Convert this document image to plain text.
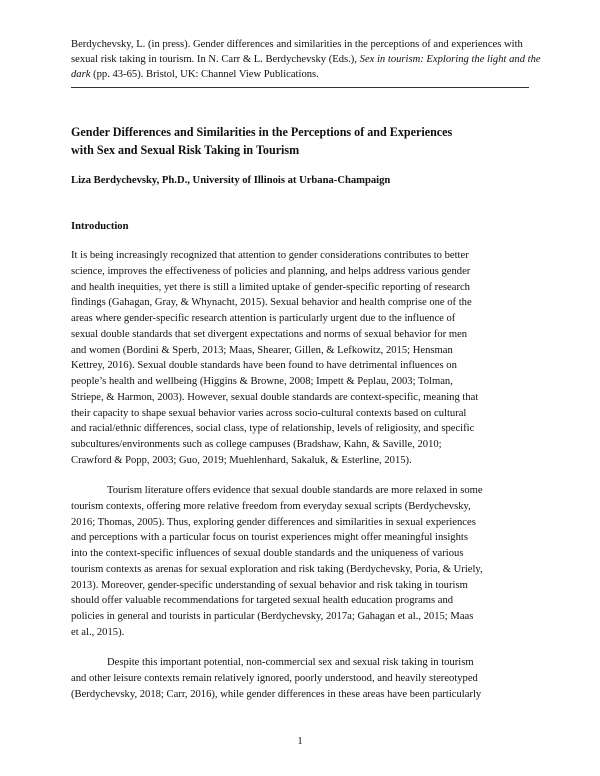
Berdychevsky, L. (in press). Gender differences and similarities in the perceptions of and experiences with sexual risk taking in tourism. In N. Carr & L. Berdychevsky (Eds.), Sex in tourism: Exploring the light and the dark (pp. 43-65). Bristol, UK: Channel View Publications.
Gender Differences and Similarities in the Perceptions of and Experiences
with Sex and Sexual Risk Taking in Tourism

Liza Berdychevsky, Ph.D., University of Illinois at Urbana-Champaign

Introduction

It is being increasingly recognized that attention to gender considerations contributes to better
science, improves the effectiveness of policies and planning, and helps address various gender
and health inequities, yet there is still a limited uptake of gender-specific reporting of research
findings (Gahagan, Gray, & Whynacht, 2015). Sexual behavior and health comprise one of the
areas where gender-specific research attention is particularly urgent due to the influence of
sexual double standards that set divergent expectations and norms of sexual behavior for men
and women (Bordini & Sperb, 2013; Maas, Shearer, Gillen, & Lefkowitz, 2015; Hensman
Kettrey, 2016). Sexual double standards have been found to have detrimental influences on
people’s health and wellbeing (Higgins & Browne, 2008; Impett & Peplau, 2003; Tolman,
Striepe, & Harmon, 2003). However, sexual double standards are context-specific, meaning that
their capacity to shape sexual behavior varies across socio-cultural contexts based on cultural
and racial/ethnic differences, social class, type of relationship, levels of religiosity, and specific
subcultures/environments such as college campuses (Bradshaw, Kahn, & Saville, 2010;
Crawford & Popp, 2003; Guo, 2019; Muehlenhard, Sakaluk, & Esterline, 2015).

Tourism literature offers evidence that sexual double standards are more relaxed in some
tourism contexts, offering more relative freedom from everyday sexual scripts (Berdychevsky,
2016; Thomas, 2005). Thus, exploring gender differences and similarities in sexual experiences
and perceptions with a particular focus on tourist experiences might offer meaningful insights
into the context-specific influences of sexual double standards and the uniqueness of various
tourism contexts as arenas for sexual exploration and risk taking (Berdychevsky, Poria, & Uriely,
2013). Moreover, gender-specific understanding of sexual behavior and risk taking in tourism
should offer valuable recommendations for targeted sexual health education programs and
policies in general and tourists in particular (Berdychevsky, 2017a; Gahagan et al., 2015; Maas
et al., 2015).

Despite this important potential, non-commercial sex and sexual risk taking in tourism
and other leisure contexts remain relatively ignored, poorly understood, and heavily stereotyped
(Berdychevsky, 2018; Carr, 2016), while gender differences in these areas have been particularly

1
